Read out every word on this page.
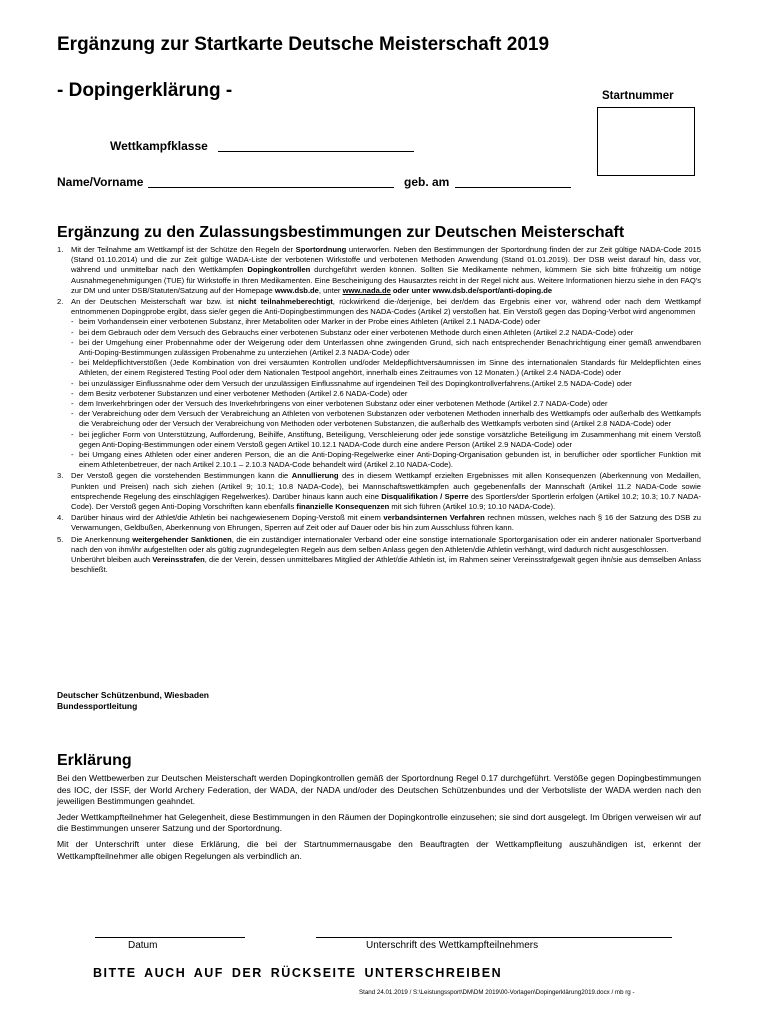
Ergänzung zur Startkarte Deutsche Meisterschaft 2019
- Dopingerklärung -	Startnummer
Wettkampfklasse
Name/Vorname	geb. am
Ergänzung zu den Zulassungsbestimmungen zur Deutschen Meisterschaft
1.	Mit der Teilnahme am Wettkampf ist der Schütze den Regeln der Sportordnung unterworfen. Neben den Bestimmungen der Sportordnung finden der zur Zeit gültige NADA-Code 2015 (Stand 01.10.2014) und die zur Zeit gültige WADA-Liste der verbotenen Wirkstoffe und verbotenen Methoden Anwendung (Stand 01.01.2019). Der DSB weist darauf hin, dass vor, während und unmittelbar nach den Wettkämpfen Dopingkontrollen durchgeführt werden können. Sollten Sie Medikamente nehmen, kümmern Sie sich bitte frühzeitig um nötige Ausnahmegenehmigungen (TUE) für Wirkstoffe in Ihren Medikamenten. Eine Bescheinigung des Hausarztes reicht in der Regel nicht aus. Weitere Informationen hierzu siehe in den FAQ's zur DM und unter DSB/Statuten/Satzung auf der Homepage www.dsb.de, unter www.nada.de oder unter www.dsb.de/sport/anti-doping.de
2.	An der Deutschen Meisterschaft war bzw. ist nicht teilnahmeberechtigt, rückwirkend die-/derjenige, bei der/dem das Ergebnis einer vor, während oder nach dem Wettkampf entnommenen Dopingprobe ergibt, dass sie/er gegen die Anti-Dopingbestimmungen des NADA-Codes (Artikel 2) verstoßen hat. Ein Verstoß gegen das Doping-Verbot wird angenommen
- beim Vorhandensein einer verbotenen Substanz, ihrer Metaboliten oder Marker in der Probe eines Athleten (Artikel 2.1 NADA-Code) oder
- bei dem Gebrauch oder dem Versuch des Gebrauchs einer verbotenen Substanz oder einer verbotenen Methode durch einen Athleten (Artikel 2.2 NADA-Code) oder
- bei der Umgehung einer Probennahme oder der Weigerung oder dem Unterlassen ohne zwingenden Grund, sich nach entsprechender Benachrichtigung einer gemäß anwendbaren Anti-Doping-Bestimmungen zulässigen Probenahme zu unterziehen (Artikel 2.3 NADA-Code) oder
- bei Meldepflichtverstößen (Jede Kombination von drei versäumten Kontrollen und/oder Meldepflichtversäumnissen im Sinne des internationalen Standards für Meldepflichten eines Athleten, der einem Registered Testing Pool oder dem Nationalen Testpool angehört, innerhalb eines Zeitraumes von 12 Monaten.) (Artikel 2.4 NADA-Code) oder
- bei unzulässiger Einflussnahme oder dem Versuch der unzulässigen Einflussnahme auf irgendeinen Teil des Dopingkontrollverfahrens.(Artikel 2.5 NADA-Code) oder
- dem Besitz verbotener Substanzen und einer verbotener Methoden (Artikel 2.6 NADA-Code) oder
- dem Inverkehrbringen oder der Versuch des Inverkehrbringens von einer verbotenen Substanz oder einer verbotenen Methode (Artikel 2.7 NADA-Code) oder
- der Verabreichung oder dem Versuch der Verabreichung an Athleten von verbotenen Substanzen oder verbotenen Methoden innerhalb des Wettkampfs oder außerhalb des Wettkampfs die Verabreichung oder der Versuch der Verabreichung von Methoden oder verbotenen Substanzen, die außerhalb des Wettkampfs verboten sind (Artikel 2.8 NADA-Code) oder
- bei jeglicher Form von Unterstützung, Aufforderung, Beihilfe, Anstiftung, Beteiligung, Verschleierung oder jede sonstige vorsätzliche Beteiligung im Zusammenhang mit einem Verstoß gegen Anti-Doping-Bestimmungen oder einem Verstoß gegen Artikel 10.12.1 NADA-Code durch eine andere Person (Artikel 2.9 NADA-Code) oder
- bei Umgang eines Athleten oder einer anderen Person, die an die Anti-Doping-Regelwerke einer Anti-Doping-Organisation gebunden ist, in beruflicher oder sportlicher Funktion mit einem Athletenbetreuer, der nach Artikel 2.10.1 – 2.10.3 NADA-Code behandelt wird (Artikel 2.10 NADA-Code).
3.	Der Verstoß gegen die vorstehenden Bestimmungen kann die Annullierung des in diesem Wettkampf erzielten Ergebnisses mit allen Konsequenzen (Aberkennung von Medaillen, Punkten und Preisen) nach sich ziehen (Artikel 9; 10.1; 10.8 NADA-Code), bei Mannschaftswettkämpfen auch gegebenenfalls der Mannschaft (Artikel 11.2 NADA-Code sowie entsprechende Regelung des einschlägigen Regelwerkes). Darüber hinaus kann auch eine Disqualifikation / Sperre des Sportlers/der Sportlerin erfolgen (Artikel 10.2; 10.3; 10.7 NADA-Code). Der Verstoß gegen Anti-Doping Vorschriften kann ebenfalls finanzielle Konsequenzen mit sich führen (Artikel 10.9; 10.10 NADA-Code).
4.	Darüber hinaus wird der Athlet/die Athletin bei nachgewiesenem Doping-Verstoß mit einem verbandsinternen Verfahren rechnen müssen, welches nach § 16 der Satzung des DSB zu Verwarnungen, Geldbußen, Aberkennung von Ehrungen, Sperren auf Zeit oder auf Dauer oder bis hin zum Ausschluss führen kann.
5.	Die Anerkennung weitergehender Sanktionen, die ein zuständiger internationaler Verband oder eine sonstige internationale Sportorganisation oder ein anderer nationaler Sportverband nach den von ihm/ihr aufgestellten oder als gültig zugrundegelegten Regeln aus dem selben Anlass gegen den Athleten/die Athletin verhängt, wird dadurch nicht ausgeschlossen.
Unberührt bleiben auch Vereinsstrafen, die der Verein, dessen unmittelbares Mitglied der Athlet/die Athletin ist, im Rahmen seiner Vereinsstrafgewalt gegen ihn/sie aus demselben Anlass beschließt.
Deutscher Schützenbund, Wiesbaden
Bundessportleitung
Erklärung

Bei den Wettbewerben zur Deutschen Meisterschaft werden Dopingkontrollen gemäß der Sportordnung Regel 0.17 durchgeführt. Verstöße gegen Dopingbestimmungen des IOC, der ISSF, der World Archery Federation, der WADA, der NADA und/oder des Deutschen Schützenbundes und der Verbotsliste der WADA werden nach den jeweiligen Bestimmungen geahndet.

Jeder Wettkampfteilnehmer hat Gelegenheit, diese Bestimmungen in den Räumen der Dopingkontrolle einzusehen; sie sind dort ausgelegt. Im Übrigen verweisen wir auf die Bestimmungen unserer Satzung und der Sportordnung.

Mit der Unterschrift unter diese Erklärung, die bei der Startnummernausgabe den Beauftragten der Wettkampfleitung auszuhändigen ist, erkennt der Wettkampfteilnehmer alle obigen Regelungen als verbindlich an.

Datum	Unterschrift des Wettkampfteilnehmers
BITTE AUCH AUF DER RÜCKSEITE UNTERSCHREIBEN
Stand 24.01.2019 / S:\Leistungssport\DM\DM 2019\00-Vorlagen\Dopingerklärung2019.docx / mb rg -
